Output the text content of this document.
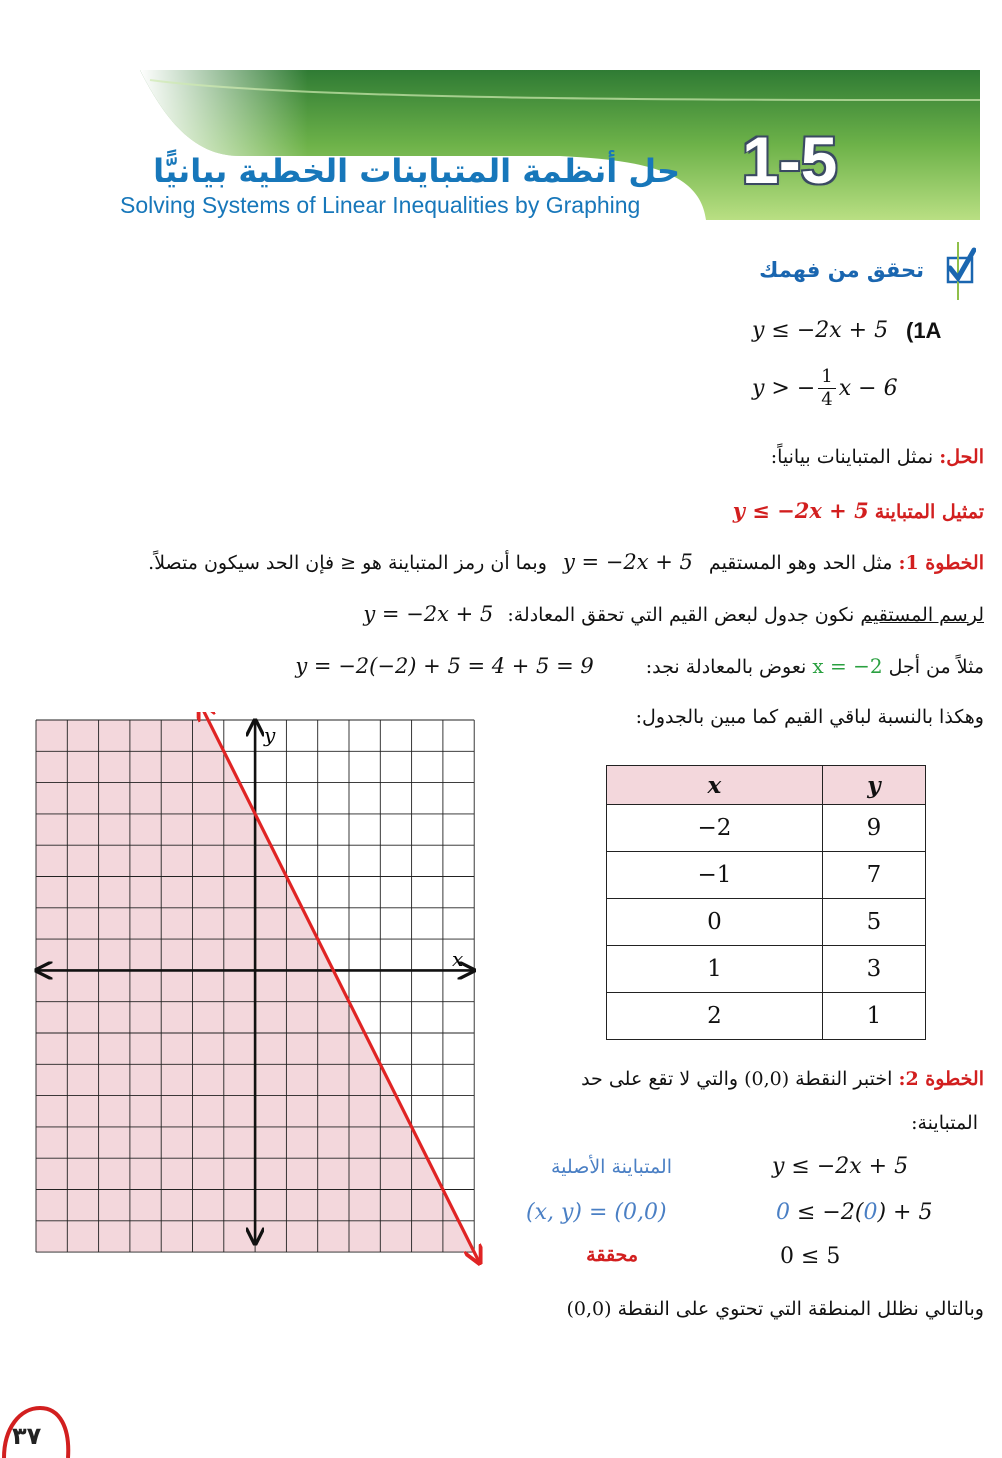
1-5
حل أنظمة المتباينات الخطية بيانيًّا
Solving Systems of Linear Inequalities by Graphing
تحقق من فهمك
(1A
y ≤ −2x + 5
y > − $\frac{1}{4}$ x − 6
الحل: نمثل المتباينات بيانياً:
تمثيل المتباينة y ≤ −2x + 5
الخطوة 1: مثل الحد وهو المستقيم y = −2x + 5 وبما أن رمز المتباينة هو ≤ فإن الحد سيكون متصلاً.
لرسم المستقيم نكون جدول لبعض القيم التي تحقق المعادلة: y = −2x + 5
مثلاً من أجل x = −2 نعوض بالمعادلة نجد: y = −2(−2) + 5 = 4 + 5 = 9
وهكذا بالنسبة لباقي القيم كما مبين بالجدول:
x	y
−2	9
−1	7
0	5
1	3
2	1
الخطوة 2: اختبر النقطة (0,0) والتي لا تقع على حد
المتباينة:
y ≤ −2x + 5
المتباينة الأصلية
0 ≤ −2(0) + 5
(x, y) = (0,0)
0 ≤ 5
محققة
وبالتالي نظلل المنطقة التي تحتوي على النقطة (0,0)
y
x
٣٧
